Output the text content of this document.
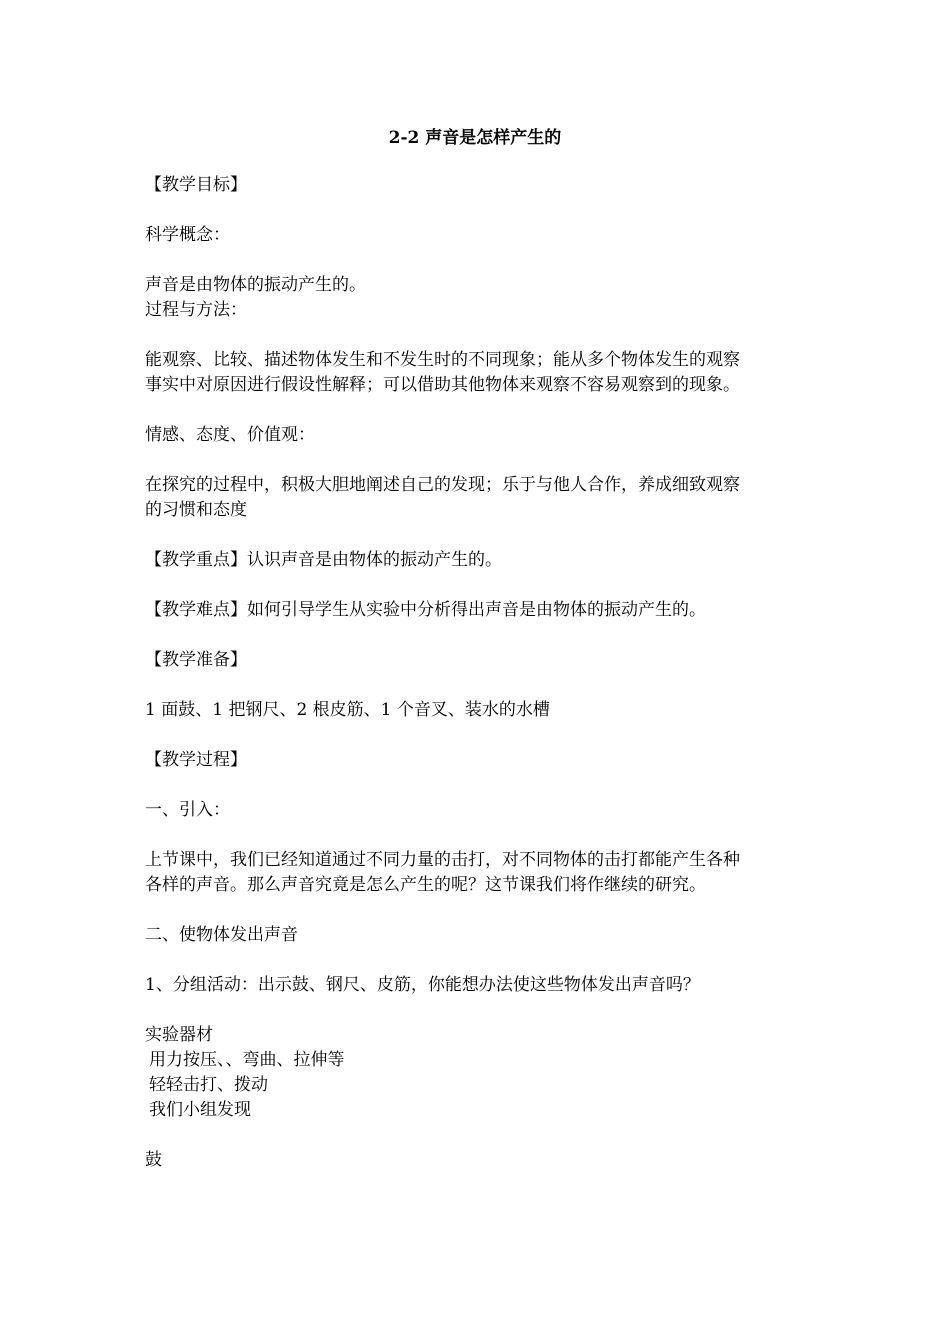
2-2 声音是怎样产生的

【教学目标】

科学概念：

声音是由物体的振动产生的。

过程与方法：

能观察、比较、描述物体发生和不发生时的不同现象；能从多个物体发生的观察

事实中对原因进行假设性解释；可以借助其他物体来观察不容易观察到的现象。

情感、态度、价值观：

在探究的过程中，积极大胆地阐述自己的发现；乐于与他人合作，养成细致观察

的习惯和态度

【教学重点】认识声音是由物体的振动产生的。

【教学难点】如何引导学生从实验中分析得出声音是由物体的振动产生的。

【教学准备】

1 面鼓、1 把钢尺、2 根皮筋、1 个音叉、装水的水槽

【教学过程】

一、引入：

上节课中，我们已经知道通过不同力量的击打，对不同物体的击打都能产生各种

各样的声音。那么声音究竟是怎么产生的呢？这节课我们将作继续的研究。

二、使物体发出声音

1、分组活动：出示鼓、钢尺、皮筋，你能想办法使这些物体发出声音吗？

实验器材

用力按压、、弯曲、拉伸等

轻轻击打、拨动

我们小组发现

鼓
